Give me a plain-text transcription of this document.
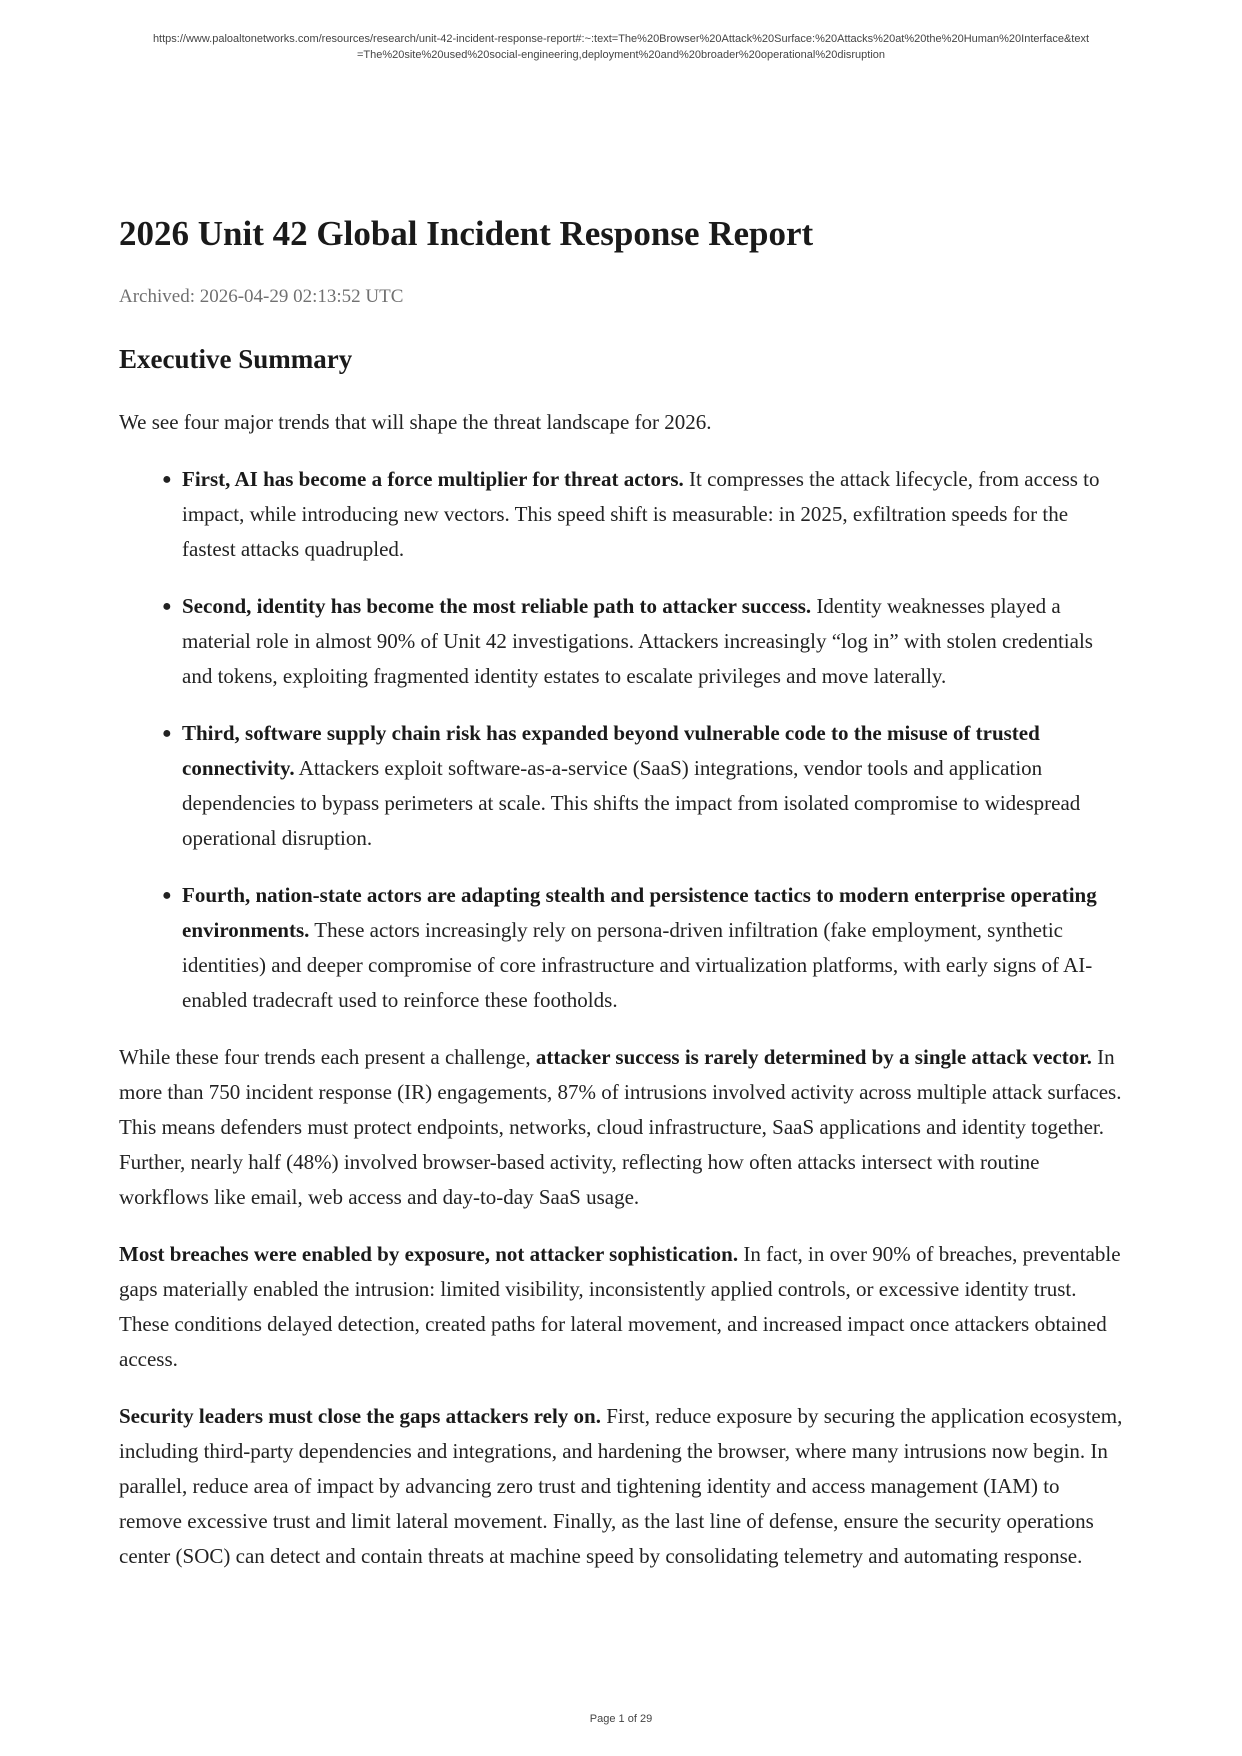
https://www.paloaltonetworks.com/resources/research/unit-42-incident-response-report#:~:text=The%20Browser%20Attack%20Surface:%20Attacks%20at%20the%20Human%20Interface&text=The%20site%20used%20social-engineering,deployment%20and%20broader%20operational%20disruption
2026 Unit 42 Global Incident Response Report
Archived: 2026-04-29 02:13:52 UTC
Executive Summary

We see four major trends that will shape the threat landscape for 2026.

● First, AI has become a force multiplier for threat actors. It compresses the attack lifecycle, from access to impact, while introducing new vectors. This speed shift is measurable: in 2025, exfiltration speeds for the fastest attacks quadrupled.
● Second, identity has become the most reliable path to attacker success. Identity weaknesses played a material role in almost 90% of Unit 42 investigations. Attackers increasingly “log in” with stolen credentials and tokens, exploiting fragmented identity estates to escalate privileges and move laterally.
● Third, software supply chain risk has expanded beyond vulnerable code to the misuse of trusted connectivity. Attackers exploit software-as-a-service (SaaS) integrations, vendor tools and application dependencies to bypass perimeters at scale. This shifts the impact from isolated compromise to widespread operational disruption.
● Fourth, nation-state actors are adapting stealth and persistence tactics to modern enterprise operating environments. These actors increasingly rely on persona-driven infiltration (fake employment, synthetic identities) and deeper compromise of core infrastructure and virtualization platforms, with early signs of AI-enabled tradecraft used to reinforce these footholds.

While these four trends each present a challenge, attacker success is rarely determined by a single attack vector. In more than 750 incident response (IR) engagements, 87% of intrusions involved activity across multiple attack surfaces. This means defenders must protect endpoints, networks, cloud infrastructure, SaaS applications and identity together. Further, nearly half (48%) involved browser-based activity, reflecting how often attacks intersect with routine workflows like email, web access and day-to-day SaaS usage.

Most breaches were enabled by exposure, not attacker sophistication. In fact, in over 90% of breaches, preventable gaps materially enabled the intrusion: limited visibility, inconsistently applied controls, or excessive identity trust. These conditions delayed detection, created paths for lateral movement, and increased impact once attackers obtained access.

Security leaders must close the gaps attackers rely on. First, reduce exposure by securing the application ecosystem, including third-party dependencies and integrations, and hardening the browser, where many intrusions now begin. In parallel, reduce area of impact by advancing zero trust and tightening identity and access management (IAM) to remove excessive trust and limit lateral movement. Finally, as the last line of defense, ensure the security operations center (SOC) can detect and contain threats at machine speed by consolidating telemetry and automating response.

Page 1 of 29
